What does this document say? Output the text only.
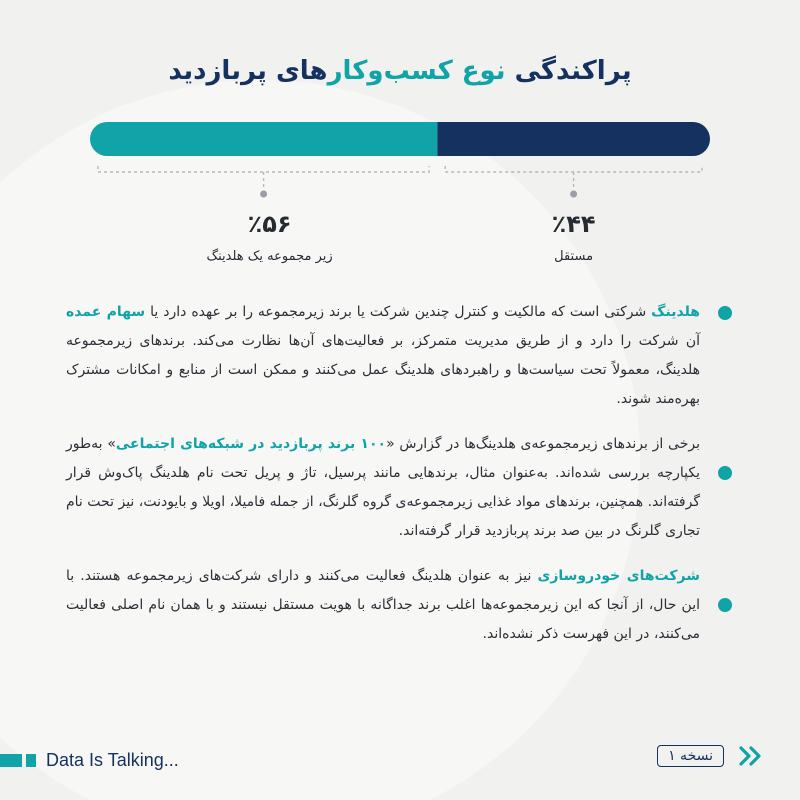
پراکندگی نوع کسب‌وکارهای پربازدید
٪۴۴
مستقل
٪۵۶
زیر مجموعه یک هلدینگ
هلدینگ شرکتی است که مالکیت و کنترل چندین شرکت یا برند زیرمجموعه را بر عهده دارد یا سهام عمده آن شرکت را دارد و از طریق مدیریت متمرکز، بر فعالیت‌های آن‌ها نظارت می‌کند. برندهای زیرمجموعه هلدینگ، معمولاً تحت سیاست‌ها و راهبردهای هلدینگ عمل می‌کنند و ممکن است از منابع و امکانات مشترک بهره‌مند شوند.
برخی از برندهای زیرمجموعه‌ی هلدینگ‌ها در گزارش «۱۰۰ برند پربازدید در شبکه‌های اجتماعی» به‌طور یکپارچه بررسی شده‌اند. به‌عنوان مثال، برندهایی مانند پرسیل، تاژ و پریل تحت نام هلدینگ پاک‌وش قرار گرفته‌اند. همچنین، برندهای مواد غذایی زیرمجموعه‌ی گروه گلرنگ، از جمله فامیلا، اویلا و بایودنت، نیز تحت نام تجاری گلرنگ در بین صد برند پربازدید قرار گرفته‌اند.
شرکت‌های خودروسازی نیز به عنوان هلدینگ فعالیت می‌کنند و دارای شرکت‌های زیرمجموعه هستند. با این حال، از آنجا که این زیرمجموعه‌ها اغلب برند جداگانه با هویت مستقل نیستند و با همان نام اصلی فعالیت می‌کنند، در این فهرست ذکر نشده‌اند.
Data Is Talking...	نسخه ۱
